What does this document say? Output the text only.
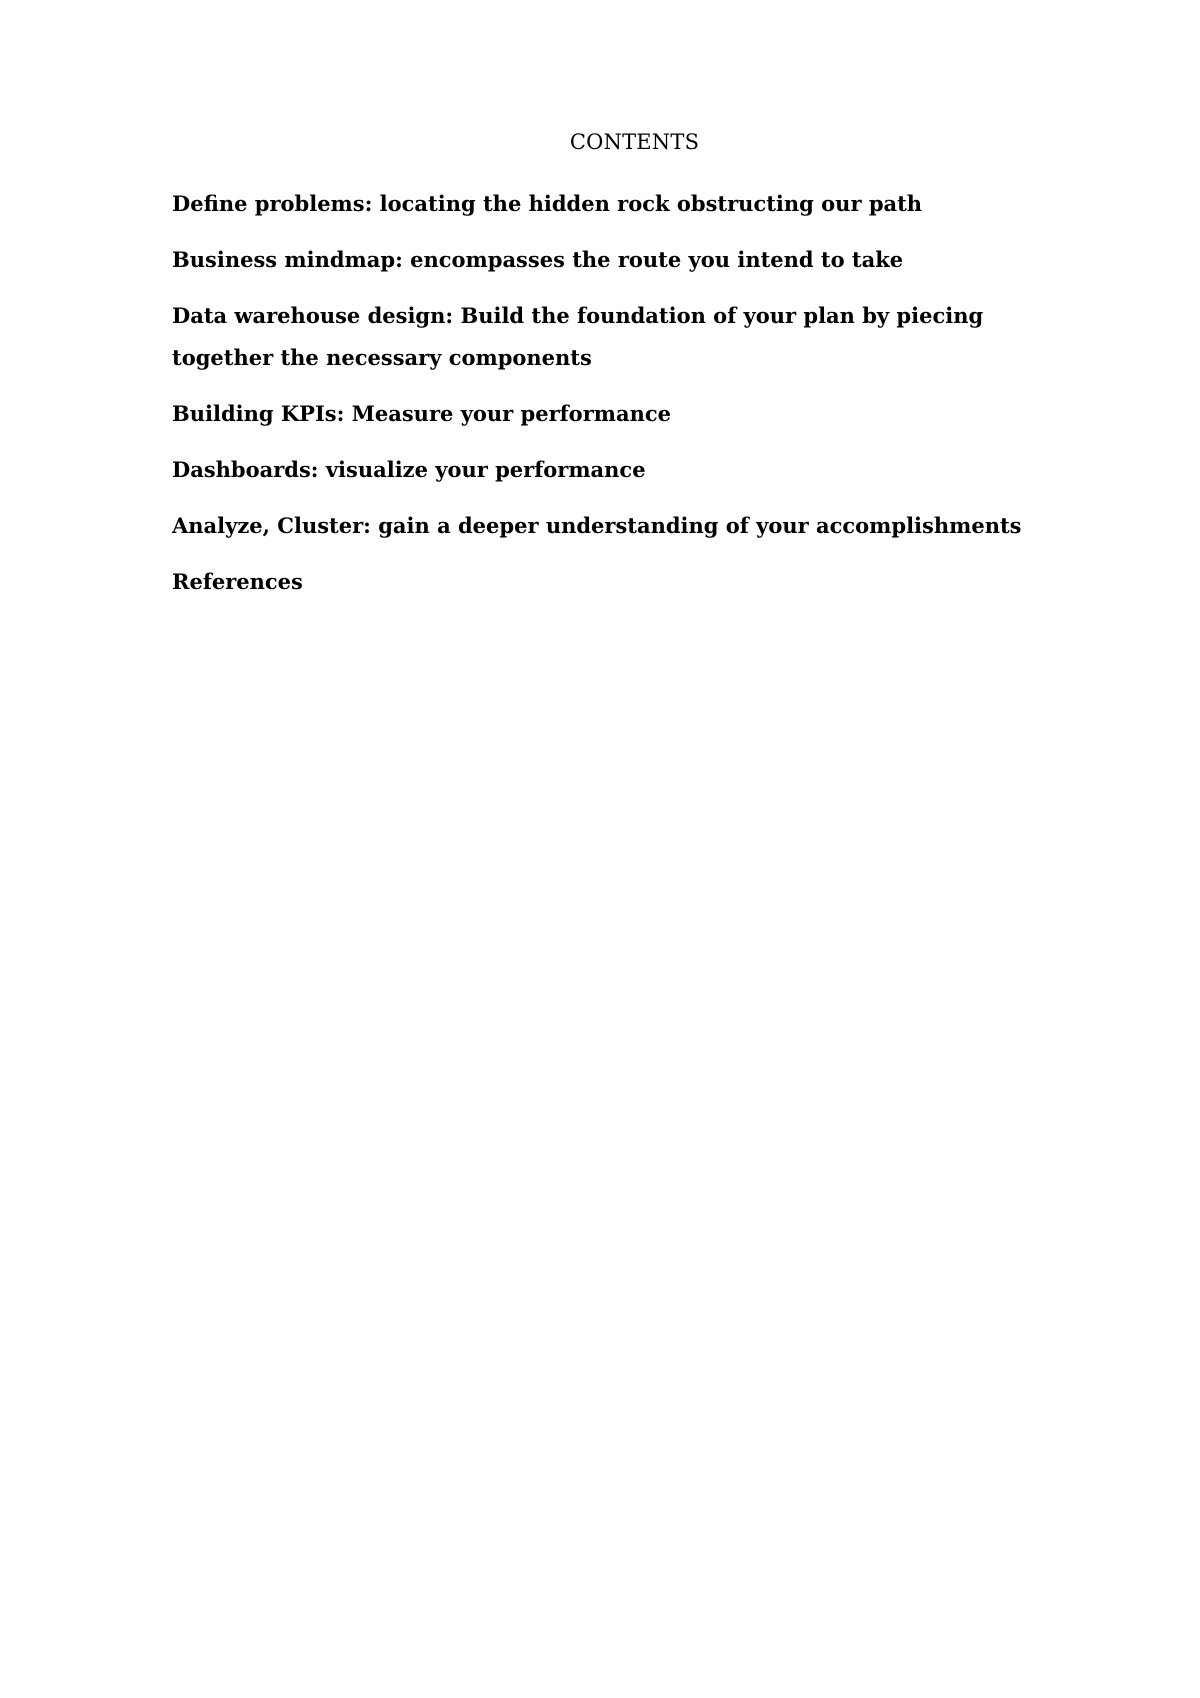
CONTENTS
Define problems: locating the hidden rock obstructing our path
Business mindmap: encompasses the route you intend to take
Data warehouse design: Build the foundation of your plan by piecing together the necessary components
Building KPIs: Measure your performance
Dashboards: visualize your performance
Analyze, Cluster: gain a deeper understanding of your accomplishments
References
